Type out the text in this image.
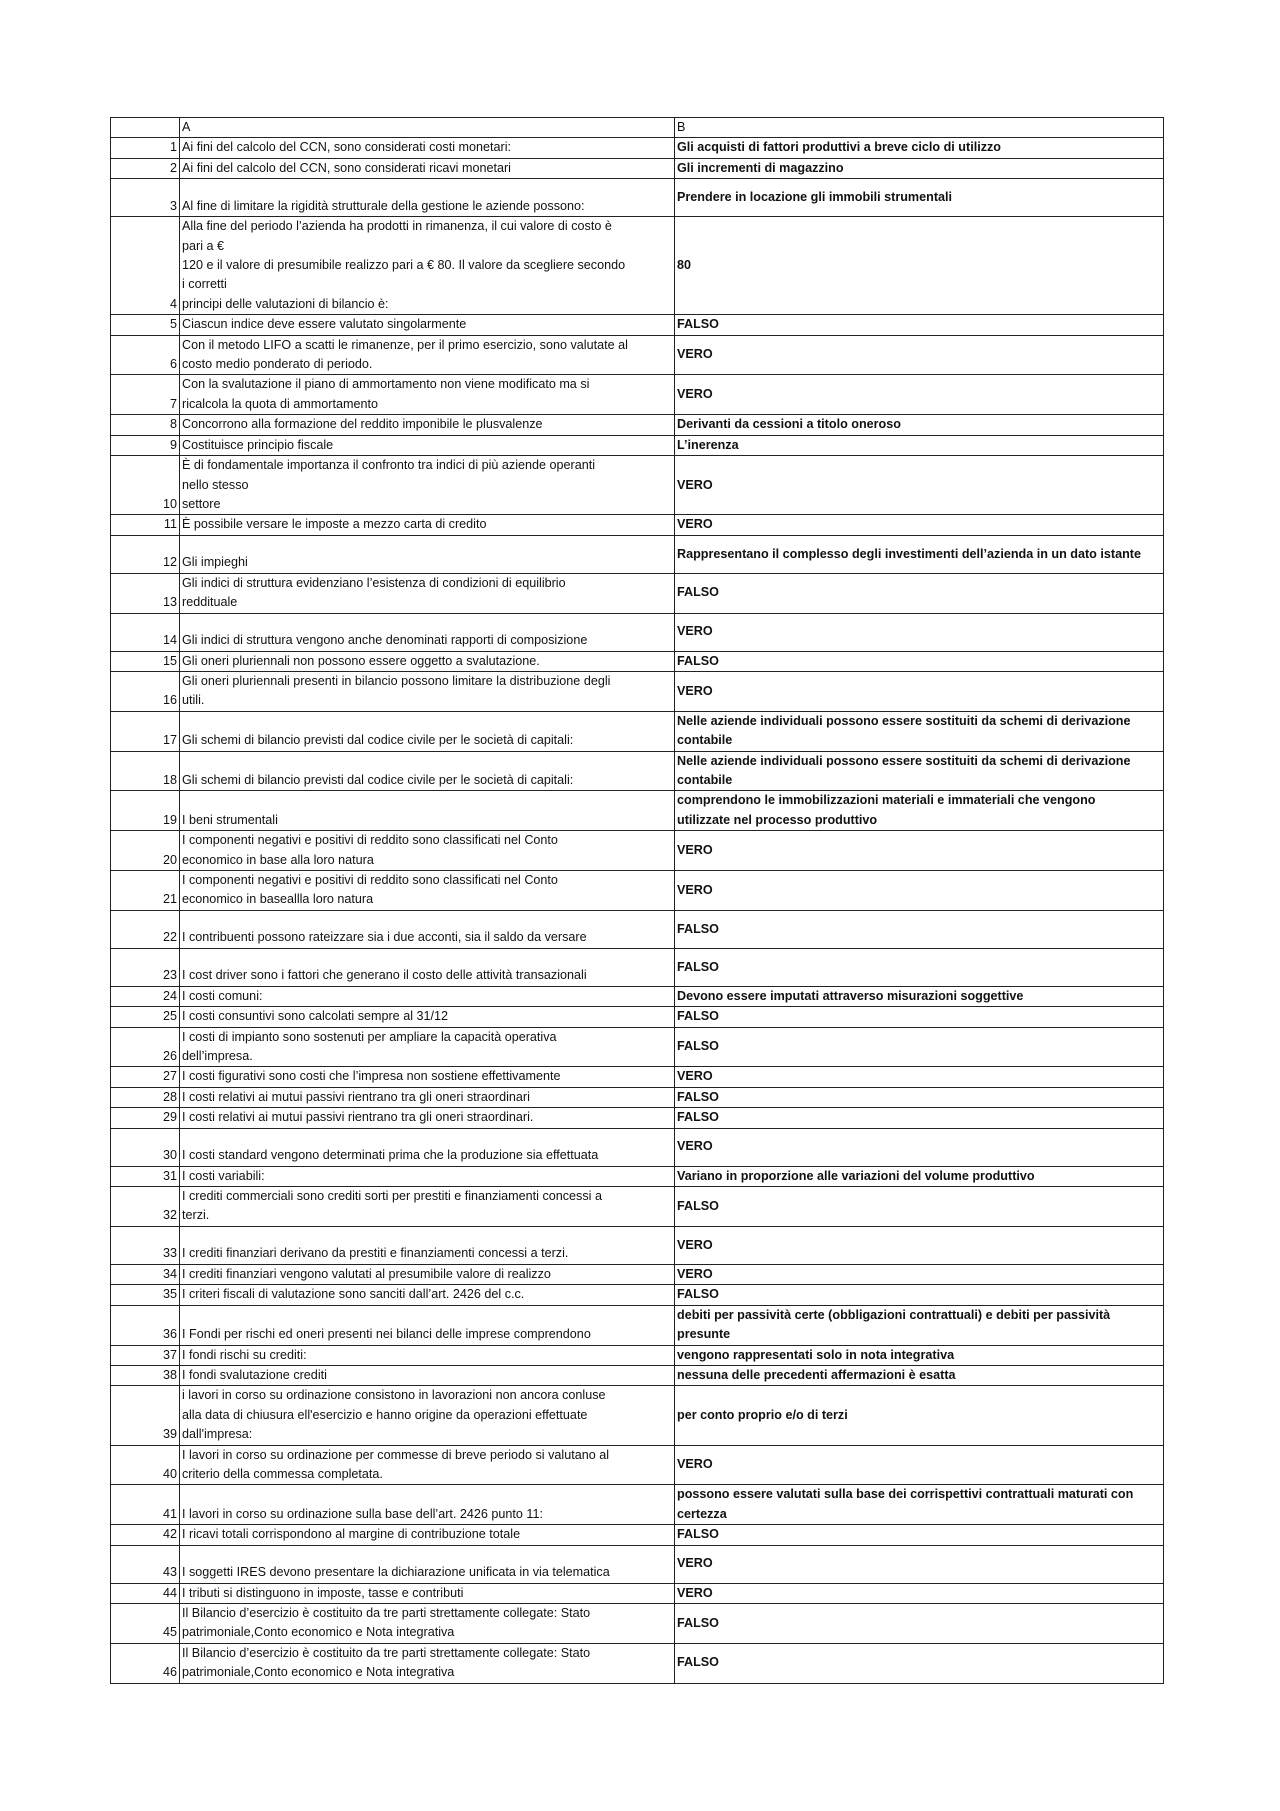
	A	B
1	Ai fini del calcolo del CCN, sono considerati costi monetari:	Gli acquisti di fattori produttivi a breve ciclo di utilizzo
2	Ai fini del calcolo del CCN, sono considerati ricavi monetari	Gli incrementi di magazzino
3	Al fine di limitare la rigidità strutturale della gestione le aziende possono:	Prendere in locazione gli immobili strumentali
4	Alla fine del periodo l’azienda ha prodotti in rimanenza, il cui valore di costo è
pari a €
120 e il valore di presumibile realizzo pari a € 80. Il valore da scegliere secondo
i corretti
principi delle valutazioni di bilancio è:	80
5	Ciascun indice deve essere valutato singolarmente	FALSO
6	Con il metodo LIFO a scatti le rimanenze, per il primo esercizio, sono valutate al
costo medio ponderato di periodo.	VERO
7	Con la svalutazione il piano di ammortamento non viene modificato ma si
ricalcola la quota di ammortamento	VERO
8	Concorrono alla formazione del reddito imponibile le plusvalenze	Derivanti da cessioni a titolo oneroso
9	Costituisce principio fiscale	L’inerenza
10	È di fondamentale importanza il confronto tra indici di più aziende operanti
nello stesso
settore	VERO
11	È possibile versare le imposte a mezzo carta di credito	VERO
12	Gli impieghi	Rappresentano il complesso degli investimenti dell’azienda in un dato istante
13	Gli indici di struttura evidenziano l’esistenza di condizioni di equilibrio
reddituale	FALSO
14	Gli indici di struttura vengono anche denominati rapporti di composizione	VERO
15	Gli oneri pluriennali non possono essere oggetto a svalutazione.	FALSO
16	Gli oneri pluriennali presenti in bilancio possono limitare la distribuzione degli
utili.	VERO
17	Gli schemi di bilancio previsti dal codice civile per le società di capitali:	Nelle aziende individuali possono essere sostituiti da schemi di derivazione
contabile
18	Gli schemi di bilancio previsti dal codice civile per le società di capitali:	Nelle aziende individuali possono essere sostituiti da schemi di derivazione
contabile
19	I beni strumentali	comprendono le immobilizzazioni materiali e immateriali che vengono
utilizzate nel processo produttivo
20	I componenti negativi e positivi di reddito sono classificati nel Conto
economico in base alla loro natura	VERO
21	I componenti negativi e positivi di reddito sono classificati nel Conto
economico in baseallla loro natura	VERO
22	I contribuenti possono rateizzare sia i due acconti, sia il saldo da versare	FALSO
23	I cost driver sono i fattori che generano il costo delle attività transazionali	FALSO
24	I costi comuni:	Devono essere imputati attraverso misurazioni soggettive
25	I costi consuntivi sono calcolati sempre al 31/12	FALSO
26	I costi di impianto sono sostenuti per ampliare la capacità operativa
dell’impresa.	FALSO
27	I costi figurativi sono costi che l’impresa non sostiene effettivamente	VERO
28	I costi relativi ai mutui passivi rientrano tra gli oneri straordinari	FALSO
29	I costi relativi ai mutui passivi rientrano tra gli oneri straordinari.	FALSO
30	I costi standard vengono determinati prima che la produzione sia effettuata	VERO
31	I costi variabili:	Variano in proporzione alle variazioni del volume produttivo
32	I crediti commerciali sono crediti sorti per prestiti e finanziamenti concessi a
terzi.	FALSO
33	I crediti finanziari derivano da prestiti e finanziamenti concessi a terzi.	VERO
34	I crediti finanziari vengono valutati al presumibile valore di realizzo	VERO
35	I criteri fiscali di valutazione sono sanciti dall’art. 2426 del c.c.	FALSO
36	I Fondi per rischi ed oneri presenti nei bilanci delle imprese comprendono	debiti per passività certe (obbligazioni contrattuali) e debiti per passività
presunte
37	I fondi rischi su crediti:	vengono rappresentati solo in nota integrativa
38	I fondi svalutazione crediti	nessuna delle precedenti affermazioni è esatta
39	i lavori in corso su ordinazione consistono in lavorazioni non ancora conluse
alla data di chiusura ell'esercizio e hanno origine da operazioni effettuate
dall'impresa:	per conto proprio e/o di terzi
40	I lavori in corso su ordinazione per commesse di breve periodo si valutano al
criterio della commessa completata.	VERO
41	I lavori in corso su ordinazione sulla base dell’art. 2426 punto 11:	possono essere valutati sulla base dei corrispettivi contrattuali maturati con
certezza
42	I ricavi totali corrispondono al margine di contribuzione totale	FALSO
43	I soggetti IRES devono presentare la dichiarazione unificata in via telematica	VERO
44	I tributi si distinguono in imposte, tasse e contributi	VERO
45	Il Bilancio d’esercizio è costituito da tre parti strettamente collegate: Stato
patrimoniale,Conto economico e Nota integrativa	FALSO
46	Il Bilancio d’esercizio è costituito da tre parti strettamente collegate: Stato
patrimoniale,Conto economico e Nota integrativa	FALSO
